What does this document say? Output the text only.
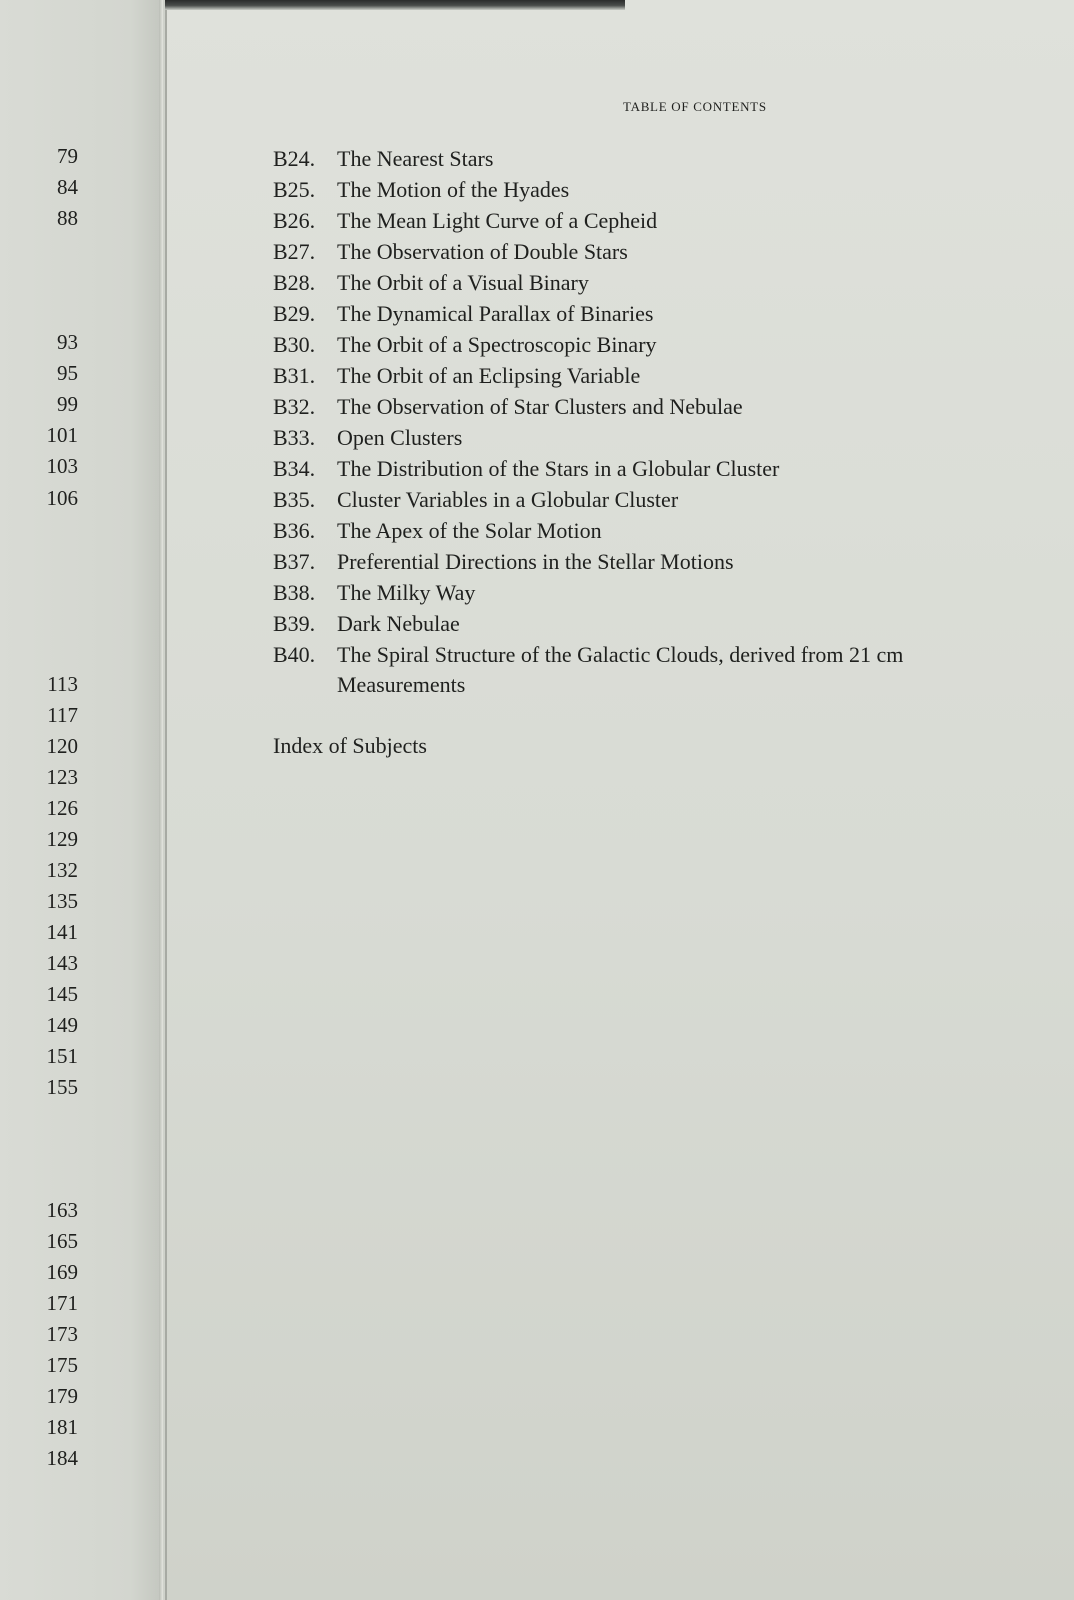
79
84
88
93
95
99
101
103
106
113
117
120
123
126
129
132
135
141
143
145
149
151
155
163
165
169
171
173
175
179
181
184
TABLE OF CONTENTS
B24. The Nearest Stars
B25. The Motion of the Hyades
B26. The Mean Light Curve of a Cepheid
B27. The Observation of Double Stars
B28. The Orbit of a Visual Binary
B29. The Dynamical Parallax of Binaries
B30. The Orbit of a Spectroscopic Binary
B31. The Orbit of an Eclipsing Variable
B32. The Observation of Star Clusters and Nebulae
B33. Open Clusters
B34. The Distribution of the Stars in a Globular Cluster
B35. Cluster Variables in a Globular Cluster
B36. The Apex of the Solar Motion
B37. Preferential Directions in the Stellar Motions
B38. The Milky Way
B39. Dark Nebulae
B40. The Spiral Structure of the Galactic Clouds, derived from 21 cm
Measurements
Index of Subjects
